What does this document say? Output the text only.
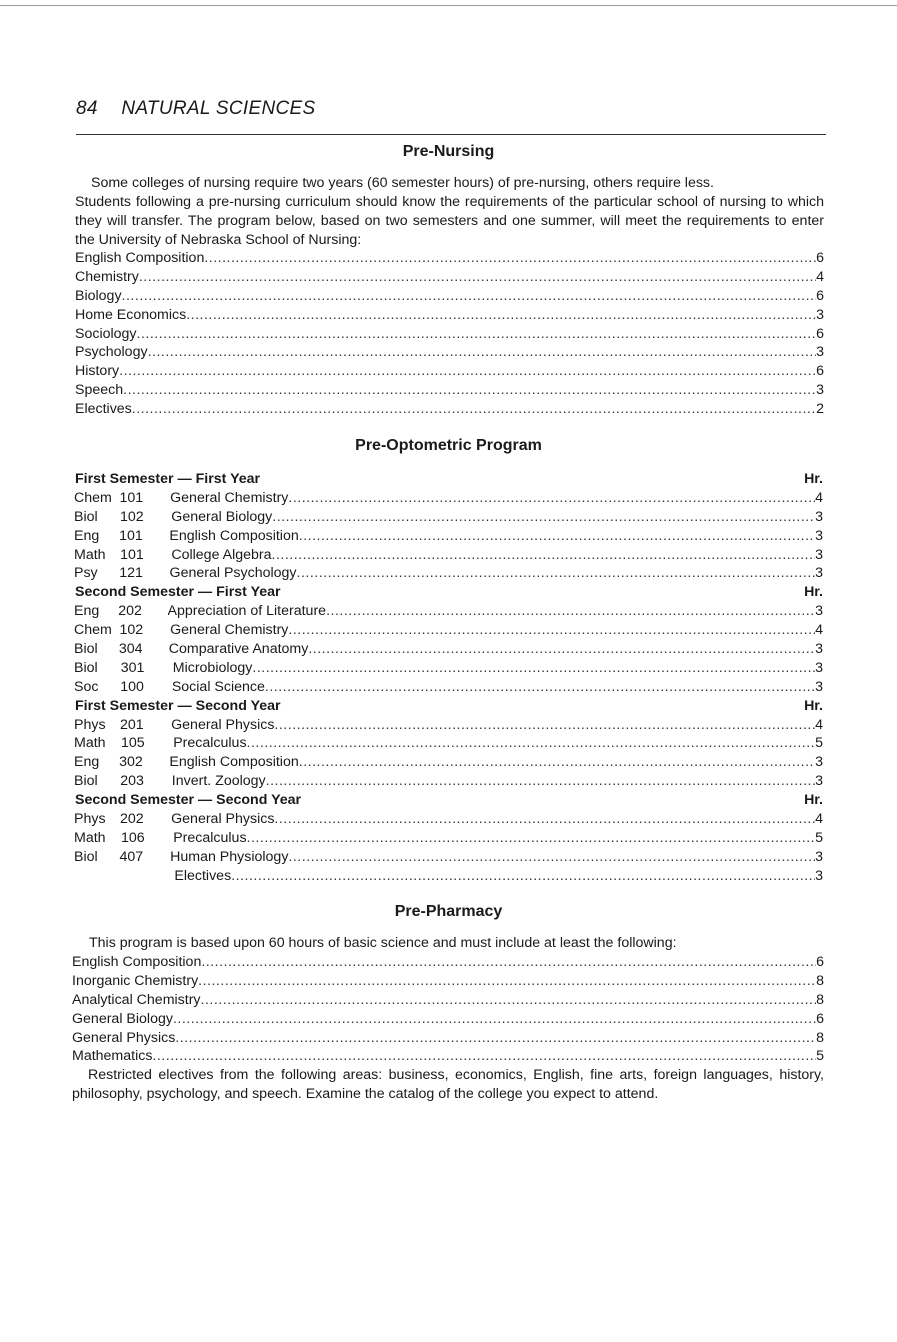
84 NATURAL SCIENCES
Pre-Nursing
Some colleges of nursing require two years (60 semester hours) of pre-nursing, others require less.
Students following a pre-nursing curriculum should know the requirements of the particular school of nursing to which they will transfer. The program below, based on two semesters and one summer, will meet the requirements to enter the University of Nebraska School of Nursing:
English Composition .....	6
Chemistry .....	4
Biology .....	6
Home Economics .....	3
Sociology .....	6
Psychology .....	3
History .....	6
Speech .....	3
Electives .....	2
Pre-Optometric Program
First Semester — First Year	Hr.
Chem 101	General Chemistry .....	4
Biol	102	General Biology .....	3
Eng	101	English Composition .....	3
Math	101	College Algebra .....	3
Psy	121	General Psychology .....	3
Second Semester — First Year	Hr.
Eng	202	Appreciation of Literature .....	3
Chem 102	General Chemistry .....	4
Biol	304	Comparative Anatomy .....	3
Biol	301	Microbiology .....	3
Soc	100	Social Science .....	3
First Semester — Second Year	Hr.
Phys	201	General Physics .....	4
Math	105	Precalculus .....	5
Eng	302	English Composition .....	3
Biol	203	Invert. Zoology .....	3
Second Semester — Second Year	Hr.
Phys	202	General Physics .....	4
Math	106	Precalculus .....	5
Biol	407	Human Physiology .....	3
Electives .....	3
Pre-Pharmacy
This program is based upon 60 hours of basic science and must include at least the following:
English Composition .....	6
Inorganic Chemistry .....	8
Analytical Chemistry .....	8
General Biology .....	6
General Physics .....	8
Mathematics .....	5
Restricted electives from the following areas: business, economics, English, fine arts, foreign languages, history, philosophy, psychology, and speech. Examine the catalog of the college you expect to attend.
